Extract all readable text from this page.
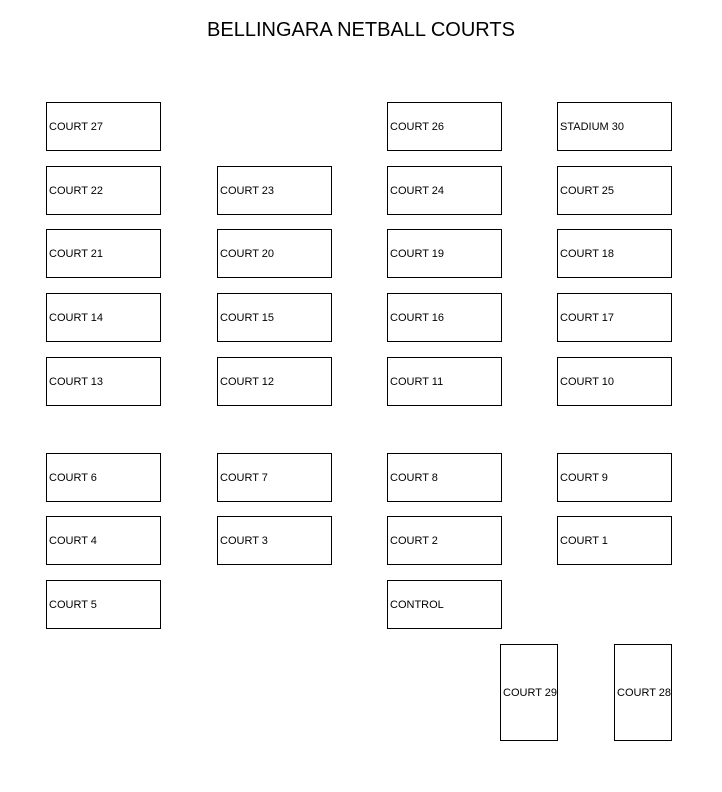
BELLINGARA NETBALL COURTS
COURT 27	COURT 26	STADIUM 30
COURT 22	COURT 23	COURT 24	COURT 25
COURT 21	COURT 20	COURT 19	COURT 18
COURT 14	COURT 15	COURT 16	COURT 17
COURT 13	COURT 12	COURT 11	COURT 10
COURT 6	COURT 7	COURT 8	COURT 9
COURT 4	COURT 3	COURT 2	COURT 1
COURT 5	CONTROL
COURT 29	COURT 28
